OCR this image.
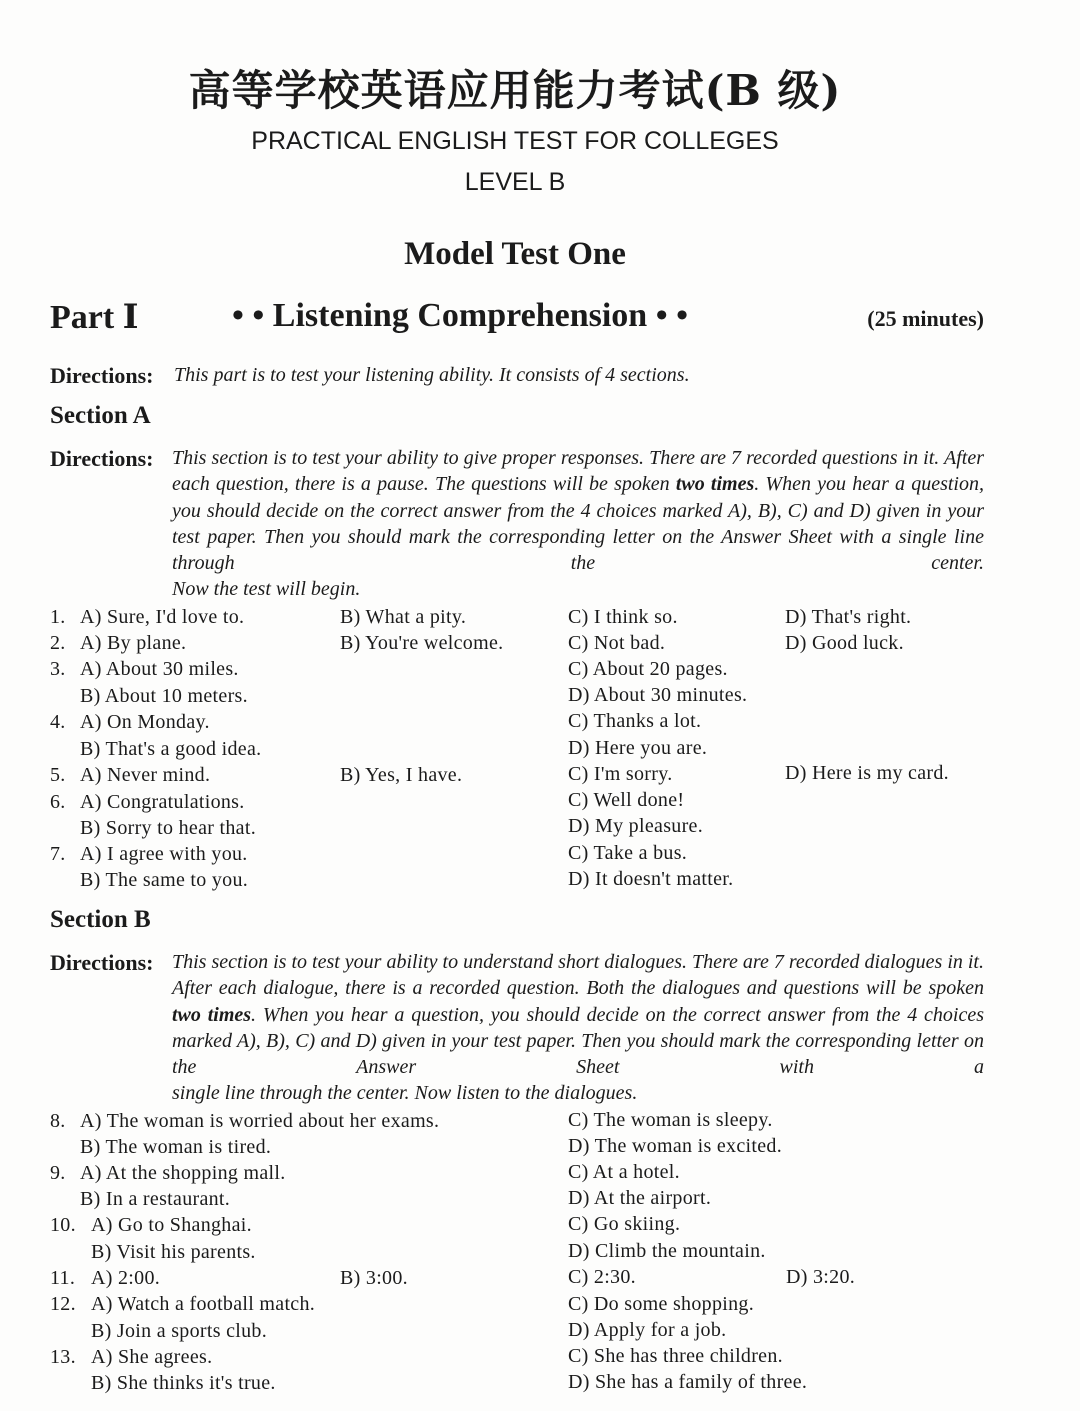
高等学校英语应用能力考试(B 级)
PRACTICAL ENGLISH TEST FOR COLLEGES
LEVEL B
Model Test One
Part Ⅰ	• • Listening Comprehension • •	(25 minutes)
Directions: This part is to test your listening ability. It consists of 4 sections.
Section A
Directions: This section is to test your ability to give proper responses. There are 7 recorded questions in it. After each question, there is a pause. The questions will be spoken two times. When you hear a question, you should decide on the correct answer from the 4 choices marked A), B), C) and D) given in your test paper. Then you should mark the corresponding letter on the Answer Sheet with a single line through the center.
Now the test will begin.
1. A) Sure, I'd love to.	B) What a pity.	C) I think so.	D) That's right.
2. A) By plane.	B) You're welcome.	C) Not bad.	D) Good luck.
3. A) About 30 miles.	C) About 20 pages.
B) About 10 meters.	D) About 30 minutes.
4. A) On Monday.	C) Thanks a lot.
B) That's a good idea.	D) Here you are.
5. A) Never mind.	B) Yes, I have.	C) I'm sorry.	D) Here is my card.
6. A) Congratulations.	C) Well done!
B) Sorry to hear that.	D) My pleasure.
7. A) I agree with you.	C) Take a bus.
B) The same to you.	D) It doesn't matter.
Section B
Directions: This section is to test your ability to understand short dialogues. There are 7 recorded dialogues in it. After each dialogue, there is a recorded question. Both the dialogues and questions will be spoken two times. When you hear a question, you should decide on the correct answer from the 4 choices marked A), B), C) and D) given in your test paper. Then you should mark the corresponding letter on the Answer Sheet with a
single line through the center. Now listen to the dialogues.
8. A) The woman is worried about her exams.	C) The woman is sleepy.
B) The woman is tired.	D) The woman is excited.
9. A) At the shopping mall.	C) At a hotel.
B) In a restaurant.	D) At the airport.
10. A) Go to Shanghai.	C) Go skiing.
B) Visit his parents.	D) Climb the mountain.
11. A) 2:00.	B) 3:00.	C) 2:30.	D) 3:20.
12. A) Watch a football match.	C) Do some shopping.
B) Join a sports club.	D) Apply for a job.
13. A) She agrees.	C) She has three children.
B) She thinks it's true.	D) She has a family of three.
